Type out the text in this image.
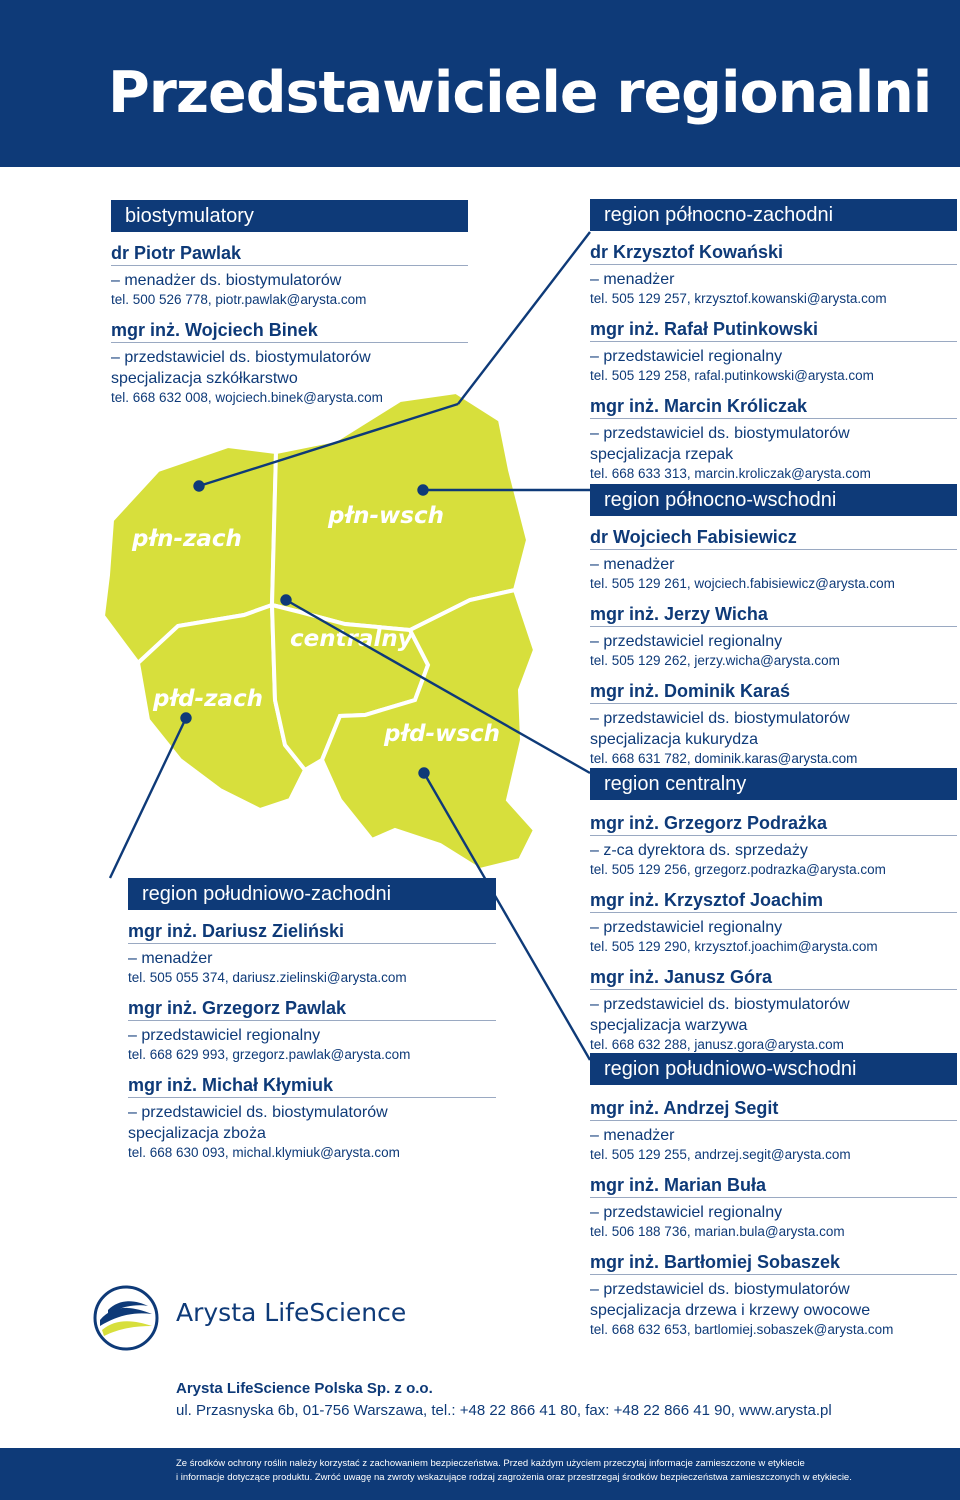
Przedstawiciele regionalni
płn-zach
płn-wsch
centralny
płd-zach
płd-wsch
biostymulatory
dr Piotr Pawlak
– menadżer ds. biostymulatorów
tel. 500 526 778, piotr.pawlak@arysta.com
mgr inż. Wojciech Binek
– przedstawiciel ds. biostymulatorów
specjalizacja szkółkarstwo
tel. 668 632 008, wojciech.binek@arysta.com
region południowo-zachodni
mgr inż. Dariusz Zieliński
– menadżer
tel. 505 055 374, dariusz.zielinski@arysta.com
mgr inż. Grzegorz Pawlak
– przedstawiciel regionalny
tel. 668 629 993, grzegorz.pawlak@arysta.com
mgr inż. Michał Kłymiuk
– przedstawiciel ds. biostymulatorów
specjalizacja zboża
tel. 668 630 093, michal.klymiuk@arysta.com
region północno-zachodni
dr Krzysztof Kowański
– menadżer
tel. 505 129 257, krzysztof.kowanski@arysta.com
mgr inż. Rafał Putinkowski
– przedstawiciel regionalny
tel. 505 129 258, rafal.putinkowski@arysta.com
mgr inż. Marcin Króliczak
– przedstawiciel ds. biostymulatorów
specjalizacja rzepak
tel. 668 633 313, marcin.kroliczak@arysta.com
region północno-wschodni
dr Wojciech Fabisiewicz
– menadżer
tel. 505 129 261, wojciech.fabisiewicz@arysta.com
mgr inż. Jerzy Wicha
– przedstawiciel regionalny
tel. 505 129 262, jerzy.wicha@arysta.com
mgr inż. Dominik Karaś
– przedstawiciel ds. biostymulatorów
specjalizacja kukurydza
tel. 668 631 782, dominik.karas@arysta.com
region centralny
mgr inż. Grzegorz Podrażka
– z-ca dyrektora ds. sprzedaży
tel. 505 129 256, grzegorz.podrazka@arysta.com
mgr inż. Krzysztof Joachim
– przedstawiciel regionalny
tel. 505 129 290, krzysztof.joachim@arysta.com
mgr inż. Janusz Góra
– przedstawiciel ds. biostymulatorów
specjalizacja warzywa
tel. 668 632 288, janusz.gora@arysta.com
region południowo-wschodni
mgr inż. Andrzej Segit
– menadżer
tel. 505 129 255, andrzej.segit@arysta.com
mgr inż. Marian Buła
– przedstawiciel regionalny
tel. 506 188 736, marian.bula@arysta.com
mgr inż. Bartłomiej Sobaszek
– przedstawiciel ds. biostymulatorów
specjalizacja drzewa i krzewy owocowe
tel. 668 632 653, bartlomiej.sobaszek@arysta.com
Arysta LifeScience
Arysta LifeScience Polska Sp. z o.o.
ul. Przasnyska 6b, 01-756 Warszawa, tel.: +48 22 866 41 80, fax: +48 22 866 41 90, www.arysta.pl

Ze środków ochrony roślin należy korzystać z zachowaniem bezpieczeństwa. Przed każdym użyciem przeczytaj informacje zamieszczone w etykiecie

i informacje dotyczące produktu. Zwróć uwagę na zwroty wskazujące rodzaj zagrożenia oraz przestrzegaj środków bezpieczeństwa zamieszczonych w etykiecie.
